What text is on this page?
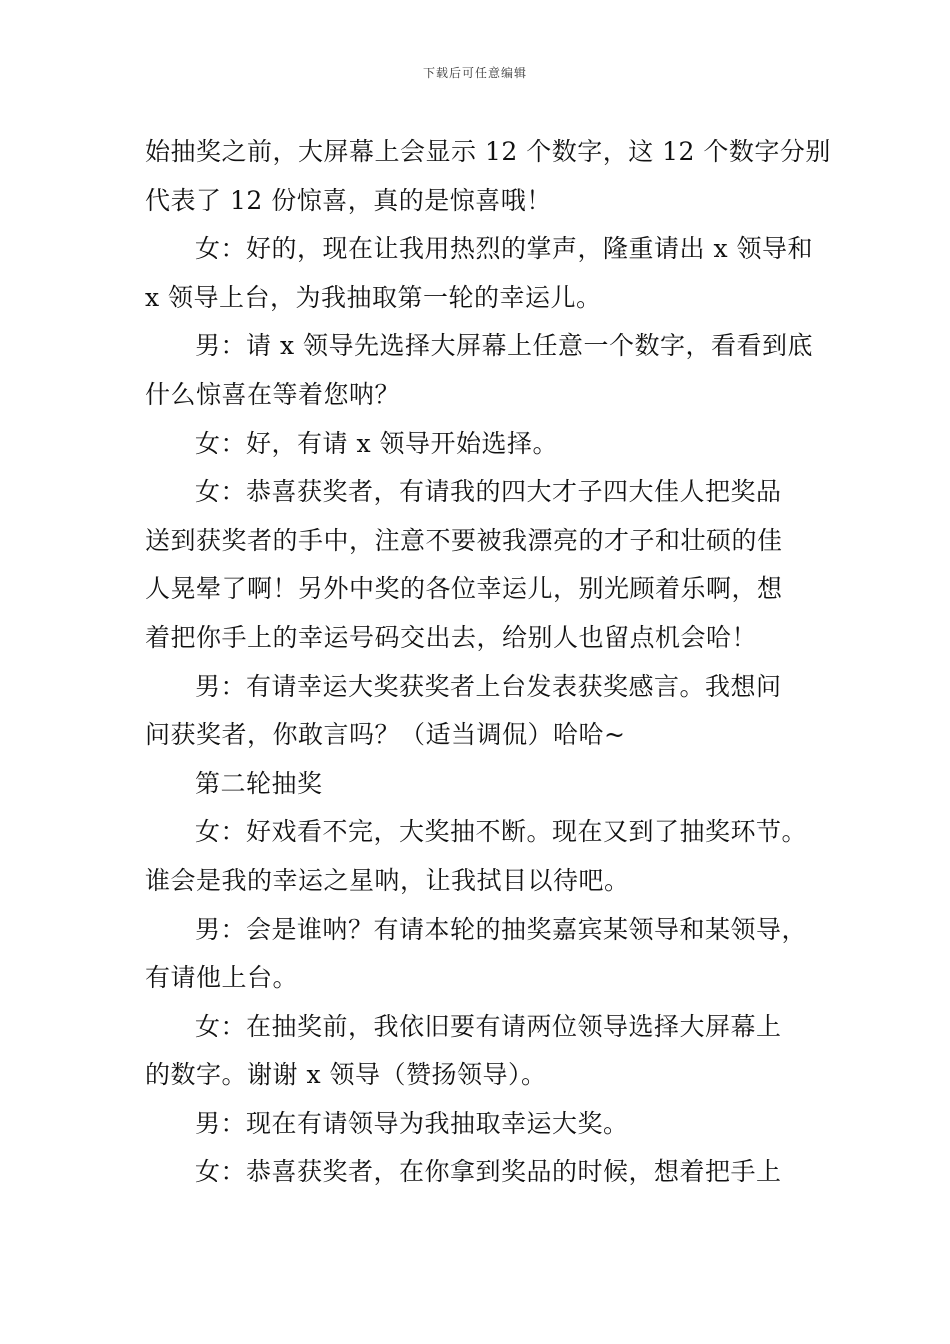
下载后可任意编辑
始抽奖之前，大屏幕上会显示 12 个数字，这 12 个数字分别
代表了 12 份惊喜，真的是惊喜哦！
女：好的，现在让我用热烈的掌声，隆重请出 x 领导和
x 领导上台，为我抽取第一轮的幸运儿。
男：请 x 领导先选择大屏幕上任意一个数字，看看到底
什么惊喜在等着您呐？
女：好，有请 x 领导开始选择。
女：恭喜获奖者，有请我的四大才子四大佳人把奖品
送到获奖者的手中，注意不要被我漂亮的才子和壮硕的佳
人晃晕了啊！另外中奖的各位幸运儿，别光顾着乐啊，想
着把你手上的幸运号码交出去，给别人也留点机会哈！
男：有请幸运大奖获奖者上台发表获奖感言。我想问
问获奖者，你敢言吗？（适当调侃）哈哈~
第二轮抽奖
女：好戏看不完，大奖抽不断。现在又到了抽奖环节。
谁会是我的幸运之星呐，让我拭目以待吧。
男：会是谁呐？有请本轮的抽奖嘉宾某领导和某领导，
有请他上台。
女：在抽奖前，我依旧要有请两位领导选择大屏幕上
的数字。谢谢 x 领导（赞扬领导）。
男：现在有请领导为我抽取幸运大奖。
女：恭喜获奖者，在你拿到奖品的时候，想着把手上
